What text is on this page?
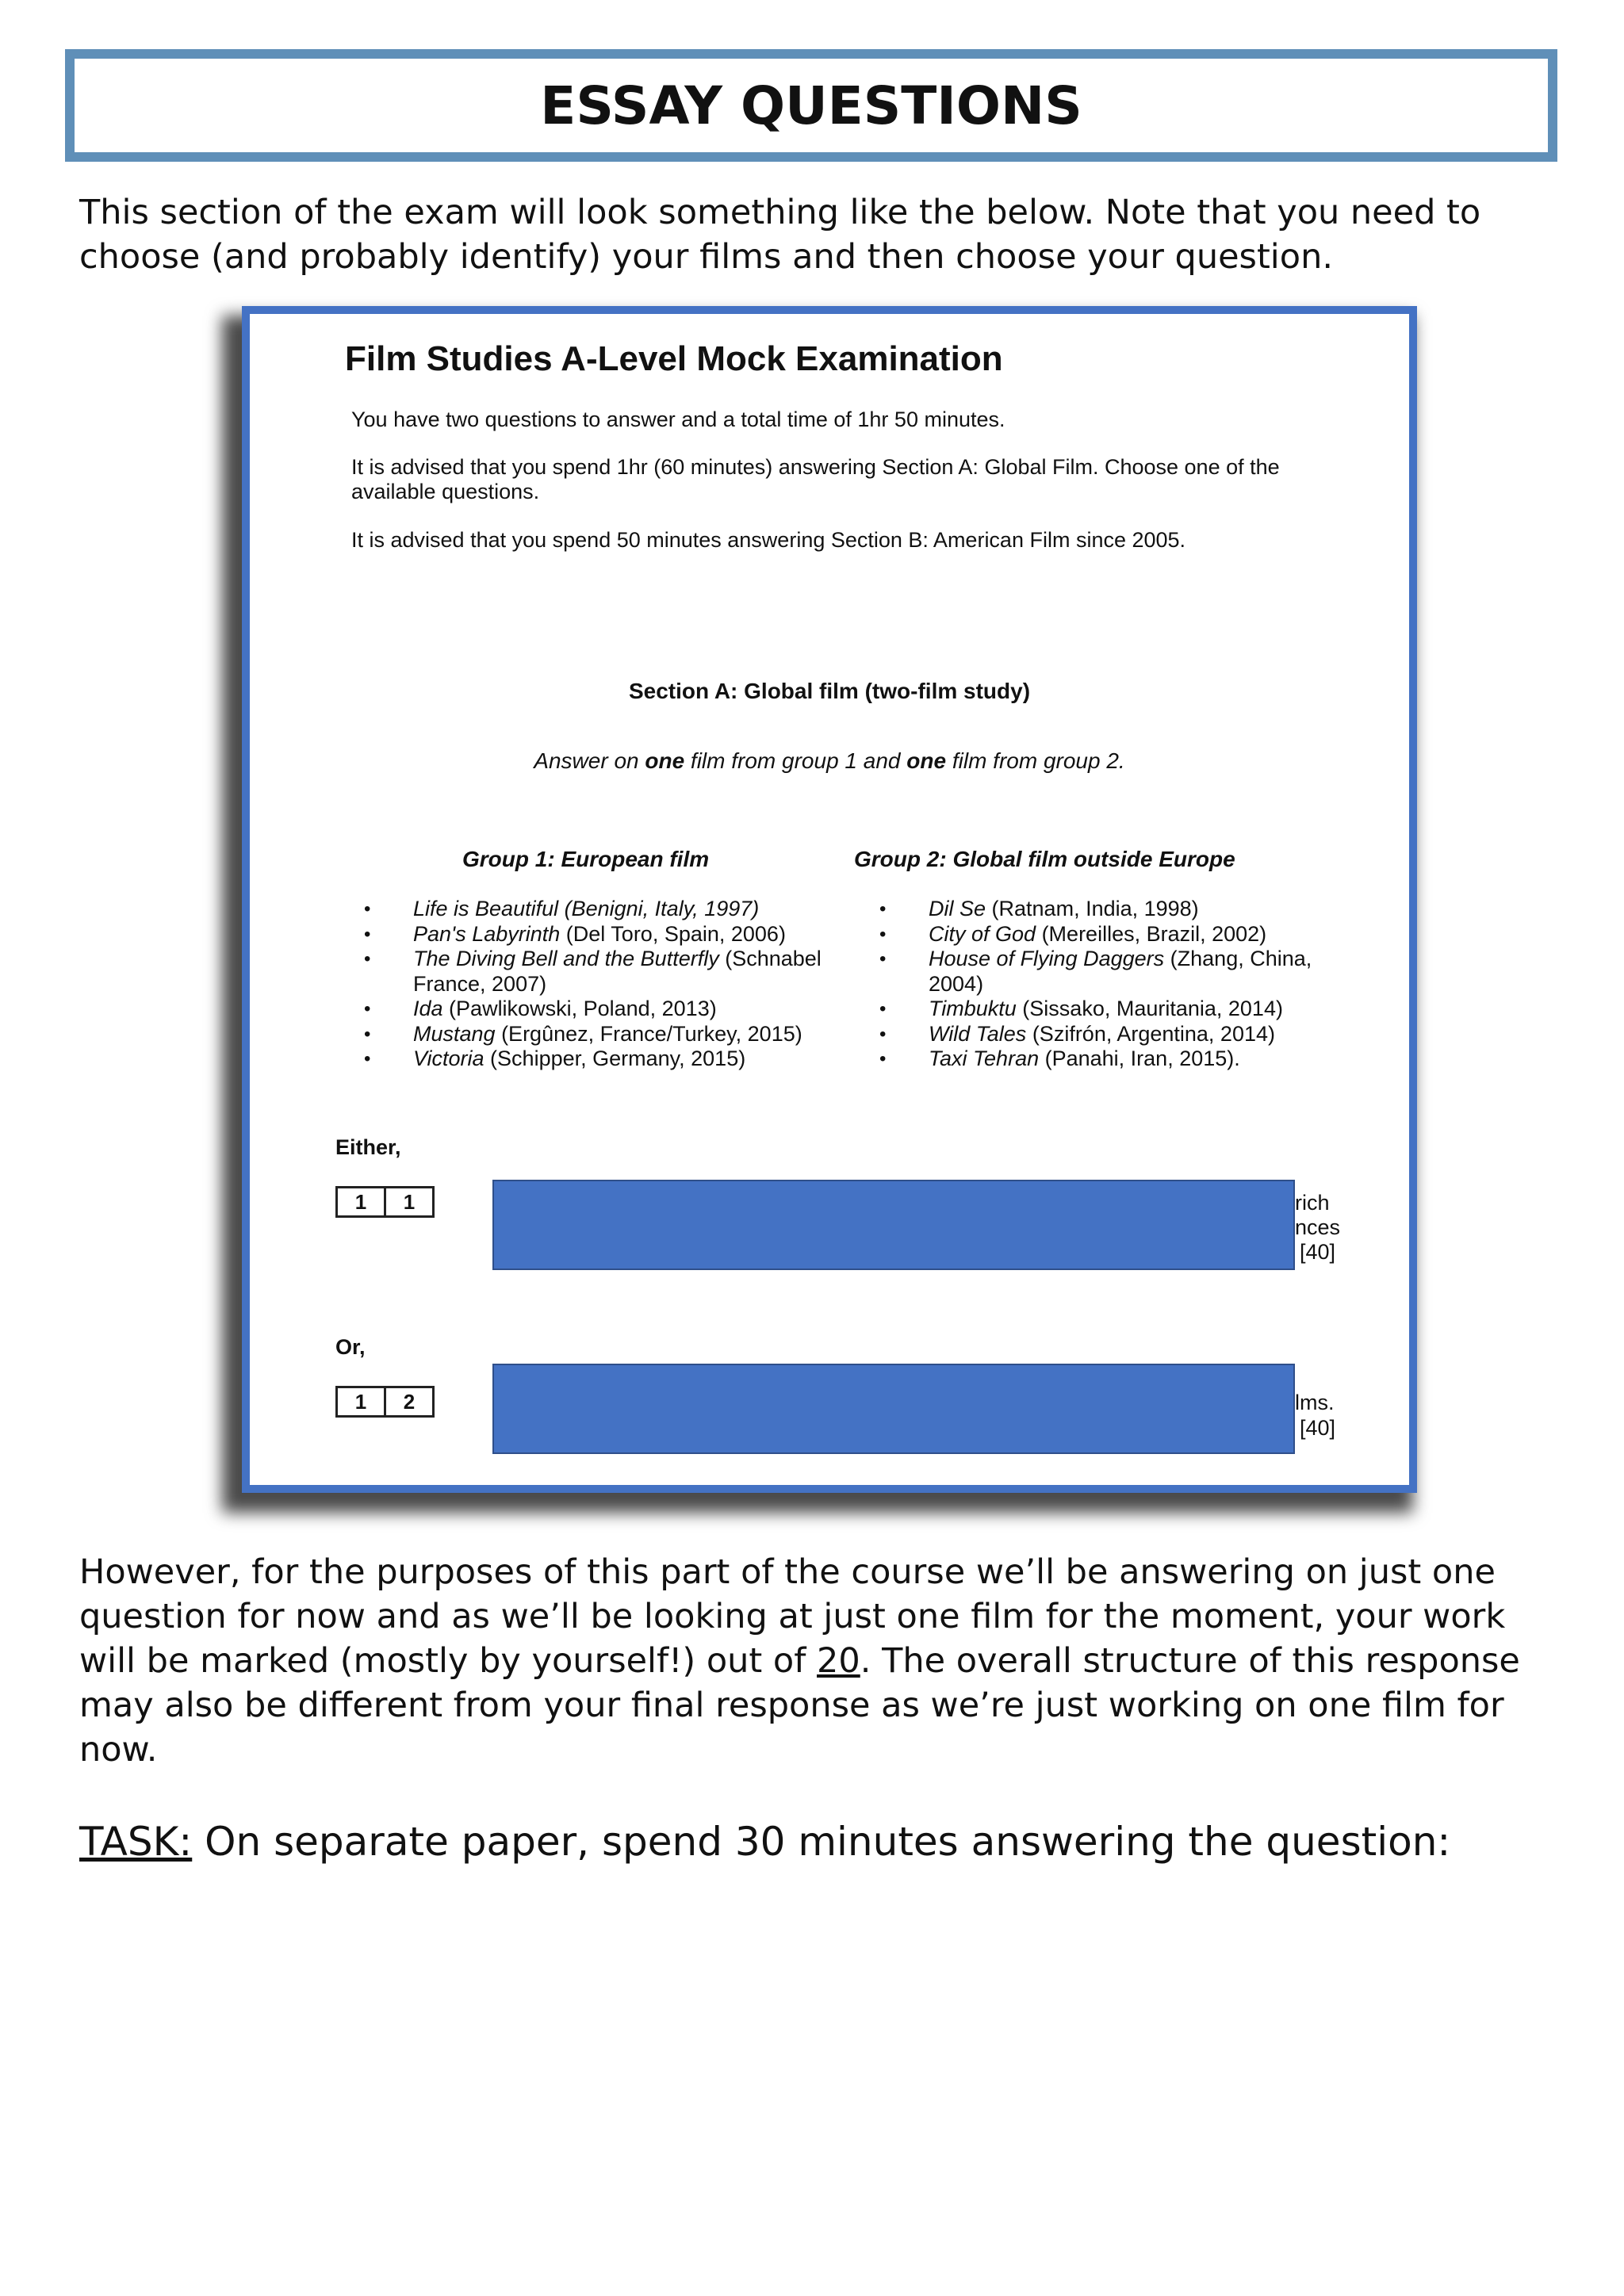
ESSAY QUESTIONS

This section of the exam will look something like the below. Note that you need to choose (and probably identify) your films and then choose your question.

Film Studies A-Level Mock Examination

You have two questions to answer and a total time of 1hr 50 minutes.

It is advised that you spend 1hr (60 minutes) answering Section A: Global Film. Choose one of the available questions.

It is advised that you spend 50 minutes answering Section B: American Film since 2005.

Section A: Global film (two-film study)

Answer on one film from group 1 and one film from group 2.

Group 1: European film	Group 2: Global film outside Europe

• Life is Beautiful (Benigni, Italy, 1997)
• Pan's Labyrinth (Del Toro, Spain, 2006)
• The Diving Bell and the Butterfly (Schnabel France, 2007)
• Ida (Pawlikowski, Poland, 2013)
• Mustang (Ergûnez, France/Turkey, 2015)
• Victoria (Schipper, Germany, 2015)
• Dil Se (Ratnam, India, 1998)
• City of God (Mereilles, Brazil, 2002)
• House of Flying Daggers (Zhang, China, 2004)
• Timbuktu (Sissako, Mauritania, 2014)
• Wild Tales (Szifrón, Argentina, 2014)
• Taxi Tehran (Panahi, Iran, 2015).

Either,

1	1	rich
nces

[40]

Or,

1	2	lms.

[40]

However, for the purposes of this part of the course we’ll be answering on just one question for now and as we’ll be looking at just one film for the moment, your work will be marked (mostly by yourself!) out of 20. The overall structure of this response may also be different from your final response as we’re just working on one film for now.

TASK: On separate paper, spend 30 minutes answering the question:
